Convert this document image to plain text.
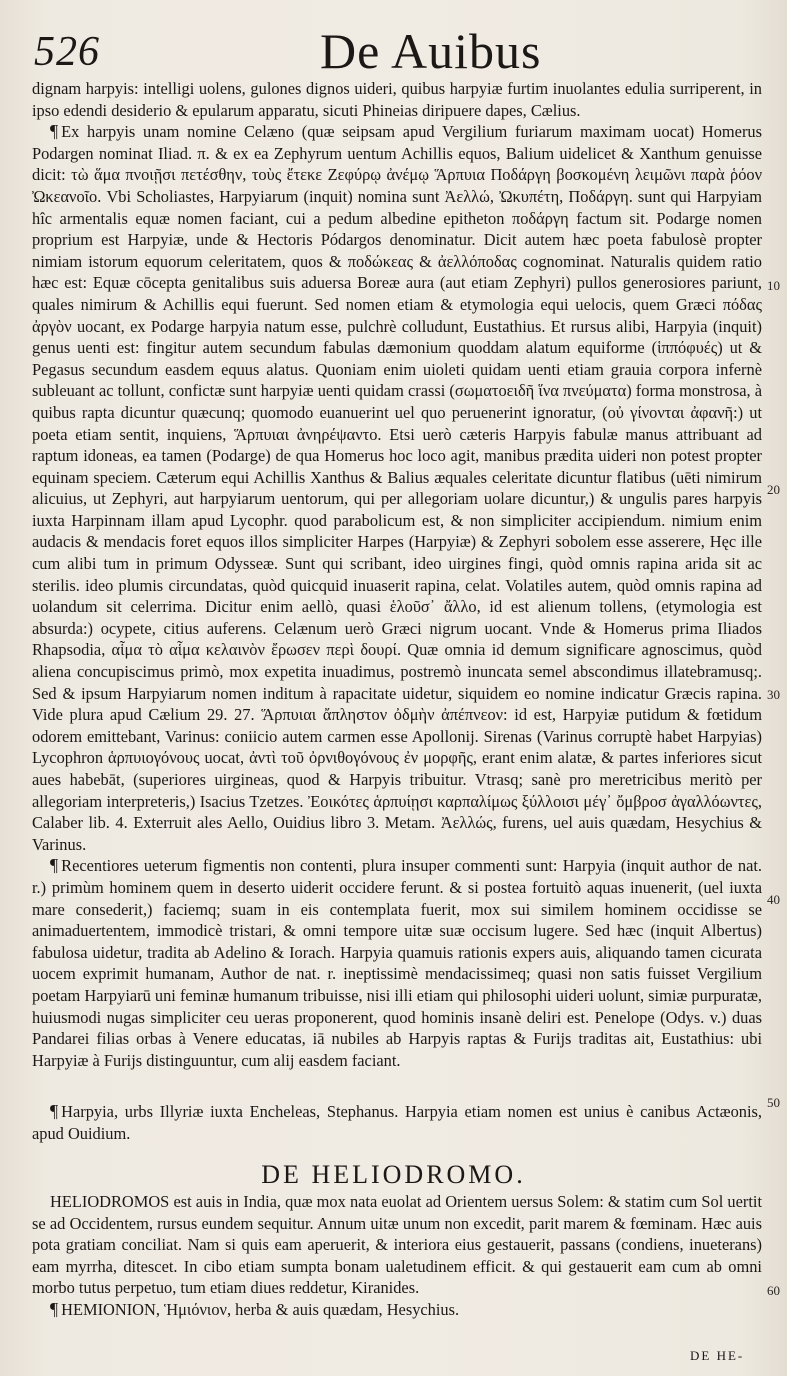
526	De Auibus

dignam harpyis: intelligi uolens, gulones dignos uideri, quibus harpyiæ furtim inuolantes edulia surriperent, in ipso edendi desiderio & epularum apparatu, sicuti Phineias diripuere dapes, Cælius.

¶ Ex harpyis unam nomine Celæno (quæ seipsam apud Vergilium furiarum maximam uocat) Homerus Podargen nominat Iliad. π. & ex ea Zephyrum uentum Achillis equos, Balium uidelicet & Xanthum genuisse dicit: τὼ ἅμα πνοιῇσι πετέσθην, τοὺς ἔτεκε Ζεφύρῳ ἀνέμῳ Ἅρπυια Ποδάργη βοσκομένη λειμῶνι παρὰ ῥόον Ὠκεανοῖο. Vbi Scholiastes, Harpyiarum (inquit) nomina sunt Ἀελλώ, Ὠκυπέτη, Ποδάργη. sunt qui Harpyiam hîc armentalis equæ nomen faciant, cui a pedum albedine epitheton ποδάργη factum sit. Podarge nomen proprium est Harpyiæ, unde & Hectoris Pódargos denominatur. Dicit autem hæc poeta fabulosè propter nimiam istorum equorum celeritatem, quos & ποδώκεας & ἀελλόποδας cognominat. Naturalis quidem ratio hæc est: Equæ cōcepta genitalibus suis aduersa Boreæ aura (aut etiam Zephyri) pullos generosiores pariunt, quales nimirum & Achillis equi fuerunt. Sed nomen etiam & etymologia equi uelocis, quem Græci πόδας ἀργὸν uocant, ex Podarge harpyia natum esse, pulchrè colludunt, Eustathius. Et rursus alibi, Harpyia (inquit) genus uenti est: fingitur autem secundum fabulas dæmonium quoddam alatum equiforme (ἱππόφυές) ut & Pegasus secundum easdem equus alatus. Quoniam enim uioleti quidam uenti etiam grauia corpora infernè subleuant ac tollunt, confictæ sunt harpyiæ uenti quidam crassi (σωματοειδῆ ἵνα πνεύματα) forma monstrosa, à quibus rapta dicuntur quæcunq; quomodo euanuerint uel quo peruenerint ignoratur, (οὐ γίνονται ἀφανῆ:) ut poeta etiam sentit, inquiens, Ἅρπυιαι ἀνηρέψαντο. Etsi uerò cæteris Harpyis fabulæ manus attribuant ad raptum idoneas, ea tamen (Podarge) de qua Homerus hoc loco agit, manibus prædita uideri non potest propter equinam speciem. Cæterum equi Achillis Xanthus & Balius æquales celeritate dicuntur flatibus (uēti nimirum alicuius, ut Zephyri, aut harpyiarum uentorum, qui per allegoriam uolare dicuntur,) & ungulis pares harpyis iuxta Harpinnam illam apud Lycophr. quod parabolicum est, & non simpliciter accipiendum. nimium enim audacis & mendacis foret equos illos simpliciter Harpes (Harpyiæ) & Zephyri sobolem esse asserere, Hęc ille cum alibi tum in primum Odysseæ. Sunt qui scribant, ideo uirgines fingi, quòd omnis rapina arida sit ac sterilis. ideo plumis circundatas, quòd quicquid inuaserit rapina, celat. Volatiles autem, quòd omnis rapina ad uolandum sit celerrima. Dicitur enim aellò, quasi ἑλοῦσ᾽ ἄλλο, id est alienum tollens, (etymologia est absurda:) ocypete, citius auferens. Celænum uerò Græci nigrum uocant. Vnde & Homerus prima Iliados Rhapsodia, αἷμα τὸ αἷμα κελαινὸν ἔρωσεν περὶ δουρί. Quæ omnia id demum significare agnoscimus, quòd aliena concupiscimus primò, mox expetita inuadimus, postremò inuncata semel abscondimus illatebramusq;. Sed & ipsum Harpyiarum nomen inditum à rapacitate uidetur, siquidem eo nomine indicatur Græcis rapina. Vide plura apud Cælium 29. 27. Ἅρπυιαι ἄπληστον ὀδμὴν ἀπέπνεον: id est, Harpyiæ putidum & fœtidum odorem emittebant, Varinus: coniicio autem carmen esse Apollonij. Sirenas (Varinus corruptè habet Harpyias) Lycophron ἁρπυιογόνους uocat, ἀντὶ τοῦ ὀρνιθογόνους ἐν μορφῆς, erant enim alatæ, & partes inferiores sicut aues habebāt, (superiores uirgineas, quod & Harpyis tribuitur. Vtrasq; sanè pro meretricibus meritò per allegoriam interpreteris,) Isacius Tzetzes. Ἐοικότες ἁρπυίῃσι καρπαλίμως ξύλλοισι μέγ᾽ ὄμβροσ ἀγαλλόωντες, Calaber lib. 4. Exterruit ales Aello, Ouidius libro 3. Metam. Ἀελλώς, furens, uel auis quædam, Hesychius & Varinus.

¶ Recentiores ueterum figmentis non contenti, plura insuper commenti sunt: Harpyia (inquit author de nat. r.) primùm hominem quem in deserto uiderit occidere ferunt. & si postea fortuitò aquas inuenerit, (uel iuxta mare consederit,) faciemq; suam in eis contemplata fuerit, mox sui similem hominem occidisse se animaduertentem, immodicè tristari, & omni tempore uitæ suæ occisum lugere. Sed hæc (inquit Albertus) fabulosa uidetur, tradita ab Adelino & Iorach. Harpyia quamuis rationis expers auis, aliquando tamen cicurata uocem exprimit humanam, Author de nat. r. ineptissimè mendacissimeq; quasi non satis fuisset Vergilium poetam Harpyiarū uni feminæ humanum tribuisse, nisi illi etiam qui philosophi uideri uolunt, simiæ purpuratæ, huiusmodi nugas simpliciter ceu ueras proponerent, quod hominis insanè deliri est. Penelope (Odys. v.) duas Pandarei filias orbas à Venere educatas, iā nubiles ab Harpyis raptas & Furijs traditas ait, Eustathius: ubi Harpyiæ à Furijs distinguuntur, cum alij easdem faciant.

¶ Harpyia, urbs Illyriæ iuxta Encheleas, Stephanus. Harpyia etiam nomen est unius è canibus Actæonis, apud Ouidium.

DE HELIODROMO.

HELIODROMOS est auis in India, quæ mox nata euolat ad Orientem uersus Solem: & statim cum Sol uertit se ad Occidentem, rursus eundem sequitur. Annum uitæ unum non excedit, parit marem & fœminam. Hæc auis pota gratiam conciliat. Nam si quis eam aperuerit, & interiora eius gestauerit, passans (condiens, inueterans) eam myrrha, ditescet. In cibo etiam sumpta bonam ualetudinem efficit. & qui gestauerit eam cum ab omni morbo tutus perpetuo, tum etiam diues reddetur, Kiranides.

¶ HEMIONION, Ἡμιόνιον, herba & auis quædam, Hesychius.

10
20
30
40
50
60
DE HE-
